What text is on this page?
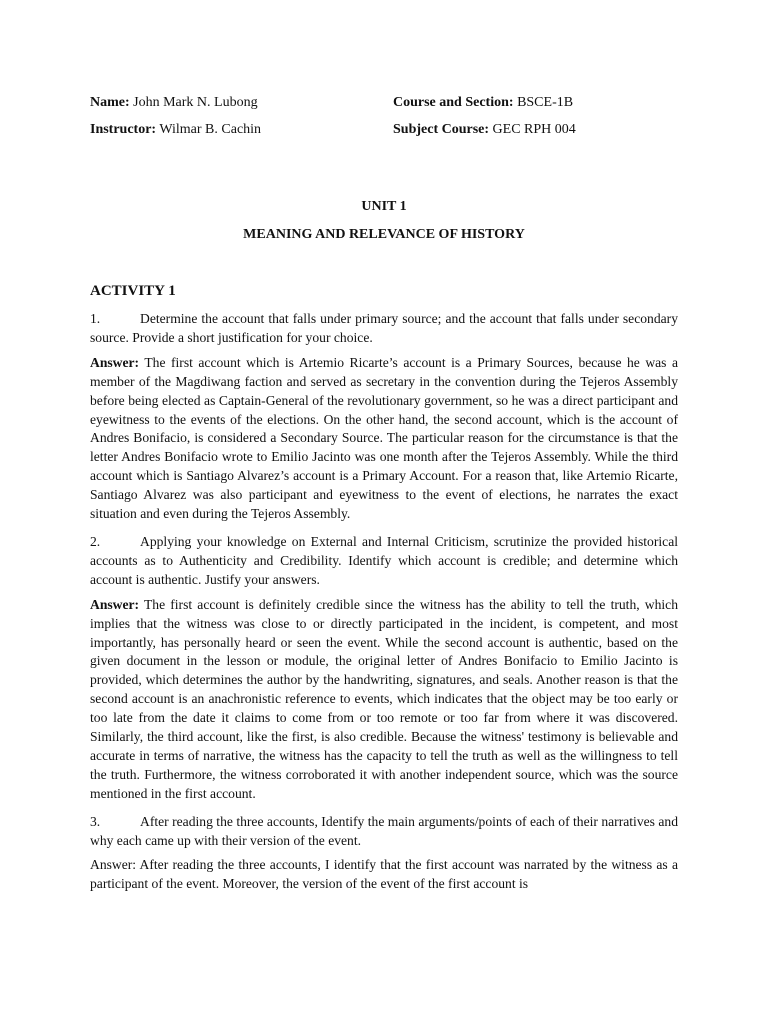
Name: John Mark N. Lubong	Course and Section: BSCE-1B
Instructor: Wilmar B. Cachin	Subject Course: GEC RPH 004
UNIT 1
MEANING AND RELEVANCE OF HISTORY
ACTIVITY 1

1.	Determine the account that falls under primary source; and the account that falls under secondary source. Provide a short justification for your choice.

Answer: The first account which is Artemio Ricarte’s account is a Primary Sources, because he was a member of the Magdiwang faction and served as secretary in the convention during the Tejeros Assembly before being elected as Captain-General of the revolutionary government, so he was a direct participant and eyewitness to the events of the elections. On the other hand, the second account, which is the account of Andres Bonifacio, is considered a Secondary Source. The particular reason for the circumstance is that the letter Andres Bonifacio wrote to Emilio Jacinto was one month after the Tejeros Assembly. While the third account which is Santiago Alvarez’s account is a Primary Account. For a reason that, like Artemio Ricarte, Santiago Alvarez was also participant and eyewitness to the event of elections, he narrates the exact situation and even during the Tejeros Assembly.

2.	Applying your knowledge on External and Internal Criticism, scrutinize the provided historical accounts as to Authenticity and Credibility. Identify which account is credible; and determine which account is authentic. Justify your answers.

Answer: The first account is definitely credible since the witness has the ability to tell the truth, which implies that the witness was close to or directly participated in the incident, is competent, and most importantly, has personally heard or seen the event. While the second account is authentic, based on the given document in the lesson or module, the original letter of Andres Bonifacio to Emilio Jacinto is provided, which determines the author by the handwriting, signatures, and seals. Another reason is that the second account is an anachronistic reference to events, which indicates that the object may be too early or too late from the date it claims to come from or too remote or too far from where it was discovered. Similarly, the third account, like the first, is also credible. Because the witness' testimony is believable and accurate in terms of narrative, the witness has the capacity to tell the truth as well as the willingness to tell the truth. Furthermore, the witness corroborated it with another independent source, which was the source mentioned in the first account.

3.	After reading the three accounts, Identify the main arguments/points of each of their narratives and why each came up with their version of the event.

Answer: After reading the three accounts, I identify that the first account was narrated by the witness as a participant of the event. Moreover, the version of the event of the first account is
